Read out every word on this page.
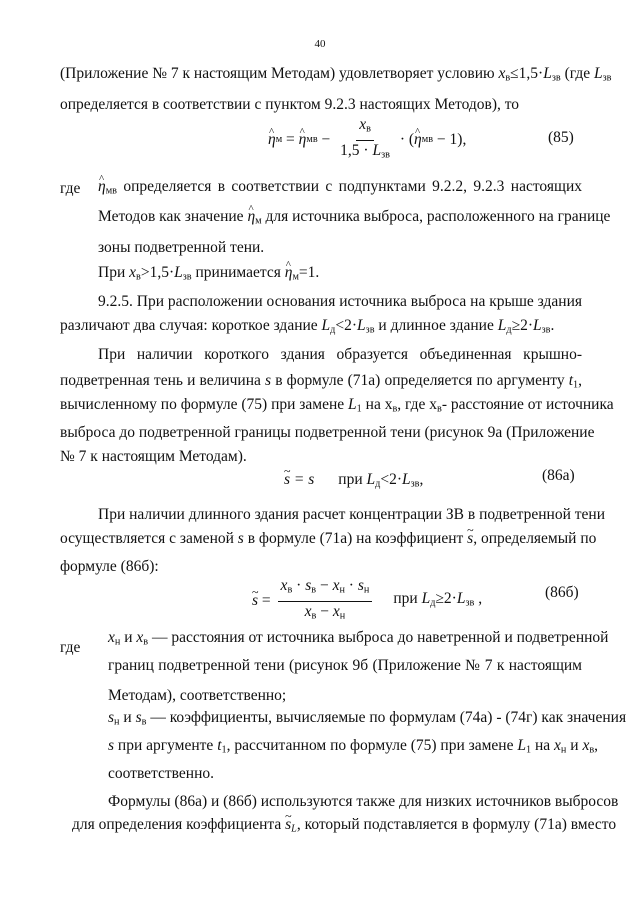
40
(Приложение № 7 к настоящим Методам) удовлетворяет условию $x_в\le 1,5\cdot L_{зв}$ (где $L_{зв}$
определяется в соответствии с пунктом 9.2.3 настоящих Методов), то
^ η м = ^ η мв − $\frac{x_в}{1,5 \cdot L_{зв}}$ · ( ^ η мв − 1),	(85)
где ^ $\eta_{мв}$ определяется в соответствии с подпунктами 9.2.2, 9.2.3 настоящих
Методов как значение ^ $\eta_м$ для источника выброса, расположенного на границе
зоны подветренной тени.
При $x_в>1,5\cdot L_{зв}$ принимается ^ $\eta_м=1$.
9.2.5. При расположении основания источника выброса на крыше здания
различают два случая: короткое здание $L_д<2\cdot L_{зв}$ и длинное здание $L_д\ge 2\cdot L_{зв}$.
При наличии короткого здания образуется объединенная крышно-
подветренная тень и величина s в формуле (71а) определяется по аргументу $t_1$,
вычисленному по формуле (75) при замене $L_1$ на $х_в$, где $х_в-$ расстояние от источника
выброса до подветренной границы подветренной тени (рисунок 9а (Приложение
№ 7 к настоящим Методам).
~ s = s при $L_д<2\cdot L_{зв}$,	(86а)
При наличии длинного здания расчет концентрации ЗВ в подветренной тени
осуществляется с заменой s в формуле (71а) на коэффициент ~ s, определяемый по
формуле (86б):
~ $s = \frac{x_в \cdot s_в - x_н \cdot s_н}{x_в - x_н}$ при $L_д\ge 2\cdot L_{зв}$ ,	(86б)
где
$x_н$ и $x_в$ — расстояния от источника выброса до наветренной и подветренной
границ подветренной тени (рисунок 9б (Приложение № 7 к настоящим
Методам), соответственно;
$s_н$ и $s_в$ — коэффициенты, вычисляемые по формулам (74а) - (74г) как значения
s при аргументе $t_1$, рассчитанном по формуле (75) при замене $L_1$ на $x_н$ и $x_в$,
соответственно.
Формулы (86а) и (86б) используются также для низких источников выбросов
для определения коэффициента ~ $s_L$, который подставляется в формулу (71а) вместо
